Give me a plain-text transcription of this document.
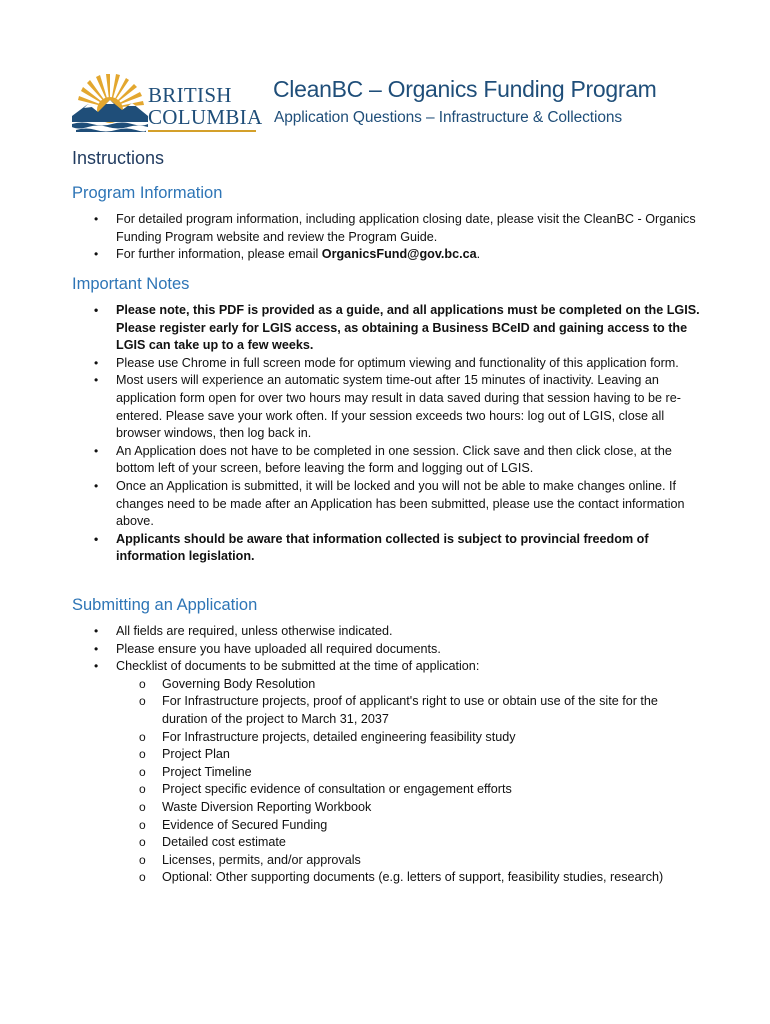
BRITISH
COLUMBIA
CleanBC – Organics Funding Program
Application Questions – Infrastructure & Collections
Instructions
Program Information
• For detailed program information, including application closing date, please visit the CleanBC - Organics Funding Program website and review the Program Guide.
• For further information, please email OrganicsFund@gov.bc.ca.
Important Notes
• Please note, this PDF is provided as a guide, and all applications must be completed on the LGIS. Please register early for LGIS access, as obtaining a Business BCeID and gaining access to the LGIS can take up to a few weeks.
• Please use Chrome in full screen mode for optimum viewing and functionality of this application form.
• Most users will experience an automatic system time-out after 15 minutes of inactivity. Leaving an application form open for over two hours may result in data saved during that session having to be re-entered. Please save your work often. If your session exceeds two hours: log out of LGIS, close all browser windows, then log back in.
• An Application does not have to be completed in one session. Click save and then click close, at the bottom left of your screen, before leaving the form and logging out of LGIS.
• Once an Application is submitted, it will be locked and you will not be able to make changes online. If changes need to be made after an Application has been submitted, please use the contact information above.
• Applicants should be aware that information collected is subject to provincial freedom of information legislation.
Submitting an Application
• All fields are required, unless otherwise indicated.
• Please ensure you have uploaded all required documents.
• Checklist of documents to be submitted at the time of application:
o Governing Body Resolution
o For Infrastructure projects, proof of applicant's right to use or obtain use of the site for the duration of the project to March 31, 2037
o For Infrastructure projects, detailed engineering feasibility study
o Project Plan
o Project Timeline
o Project specific evidence of consultation or engagement efforts
o Waste Diversion Reporting Workbook
o Evidence of Secured Funding
o Detailed cost estimate
o Licenses, permits, and/or approvals
o Optional: Other supporting documents (e.g. letters of support, feasibility studies, research)
